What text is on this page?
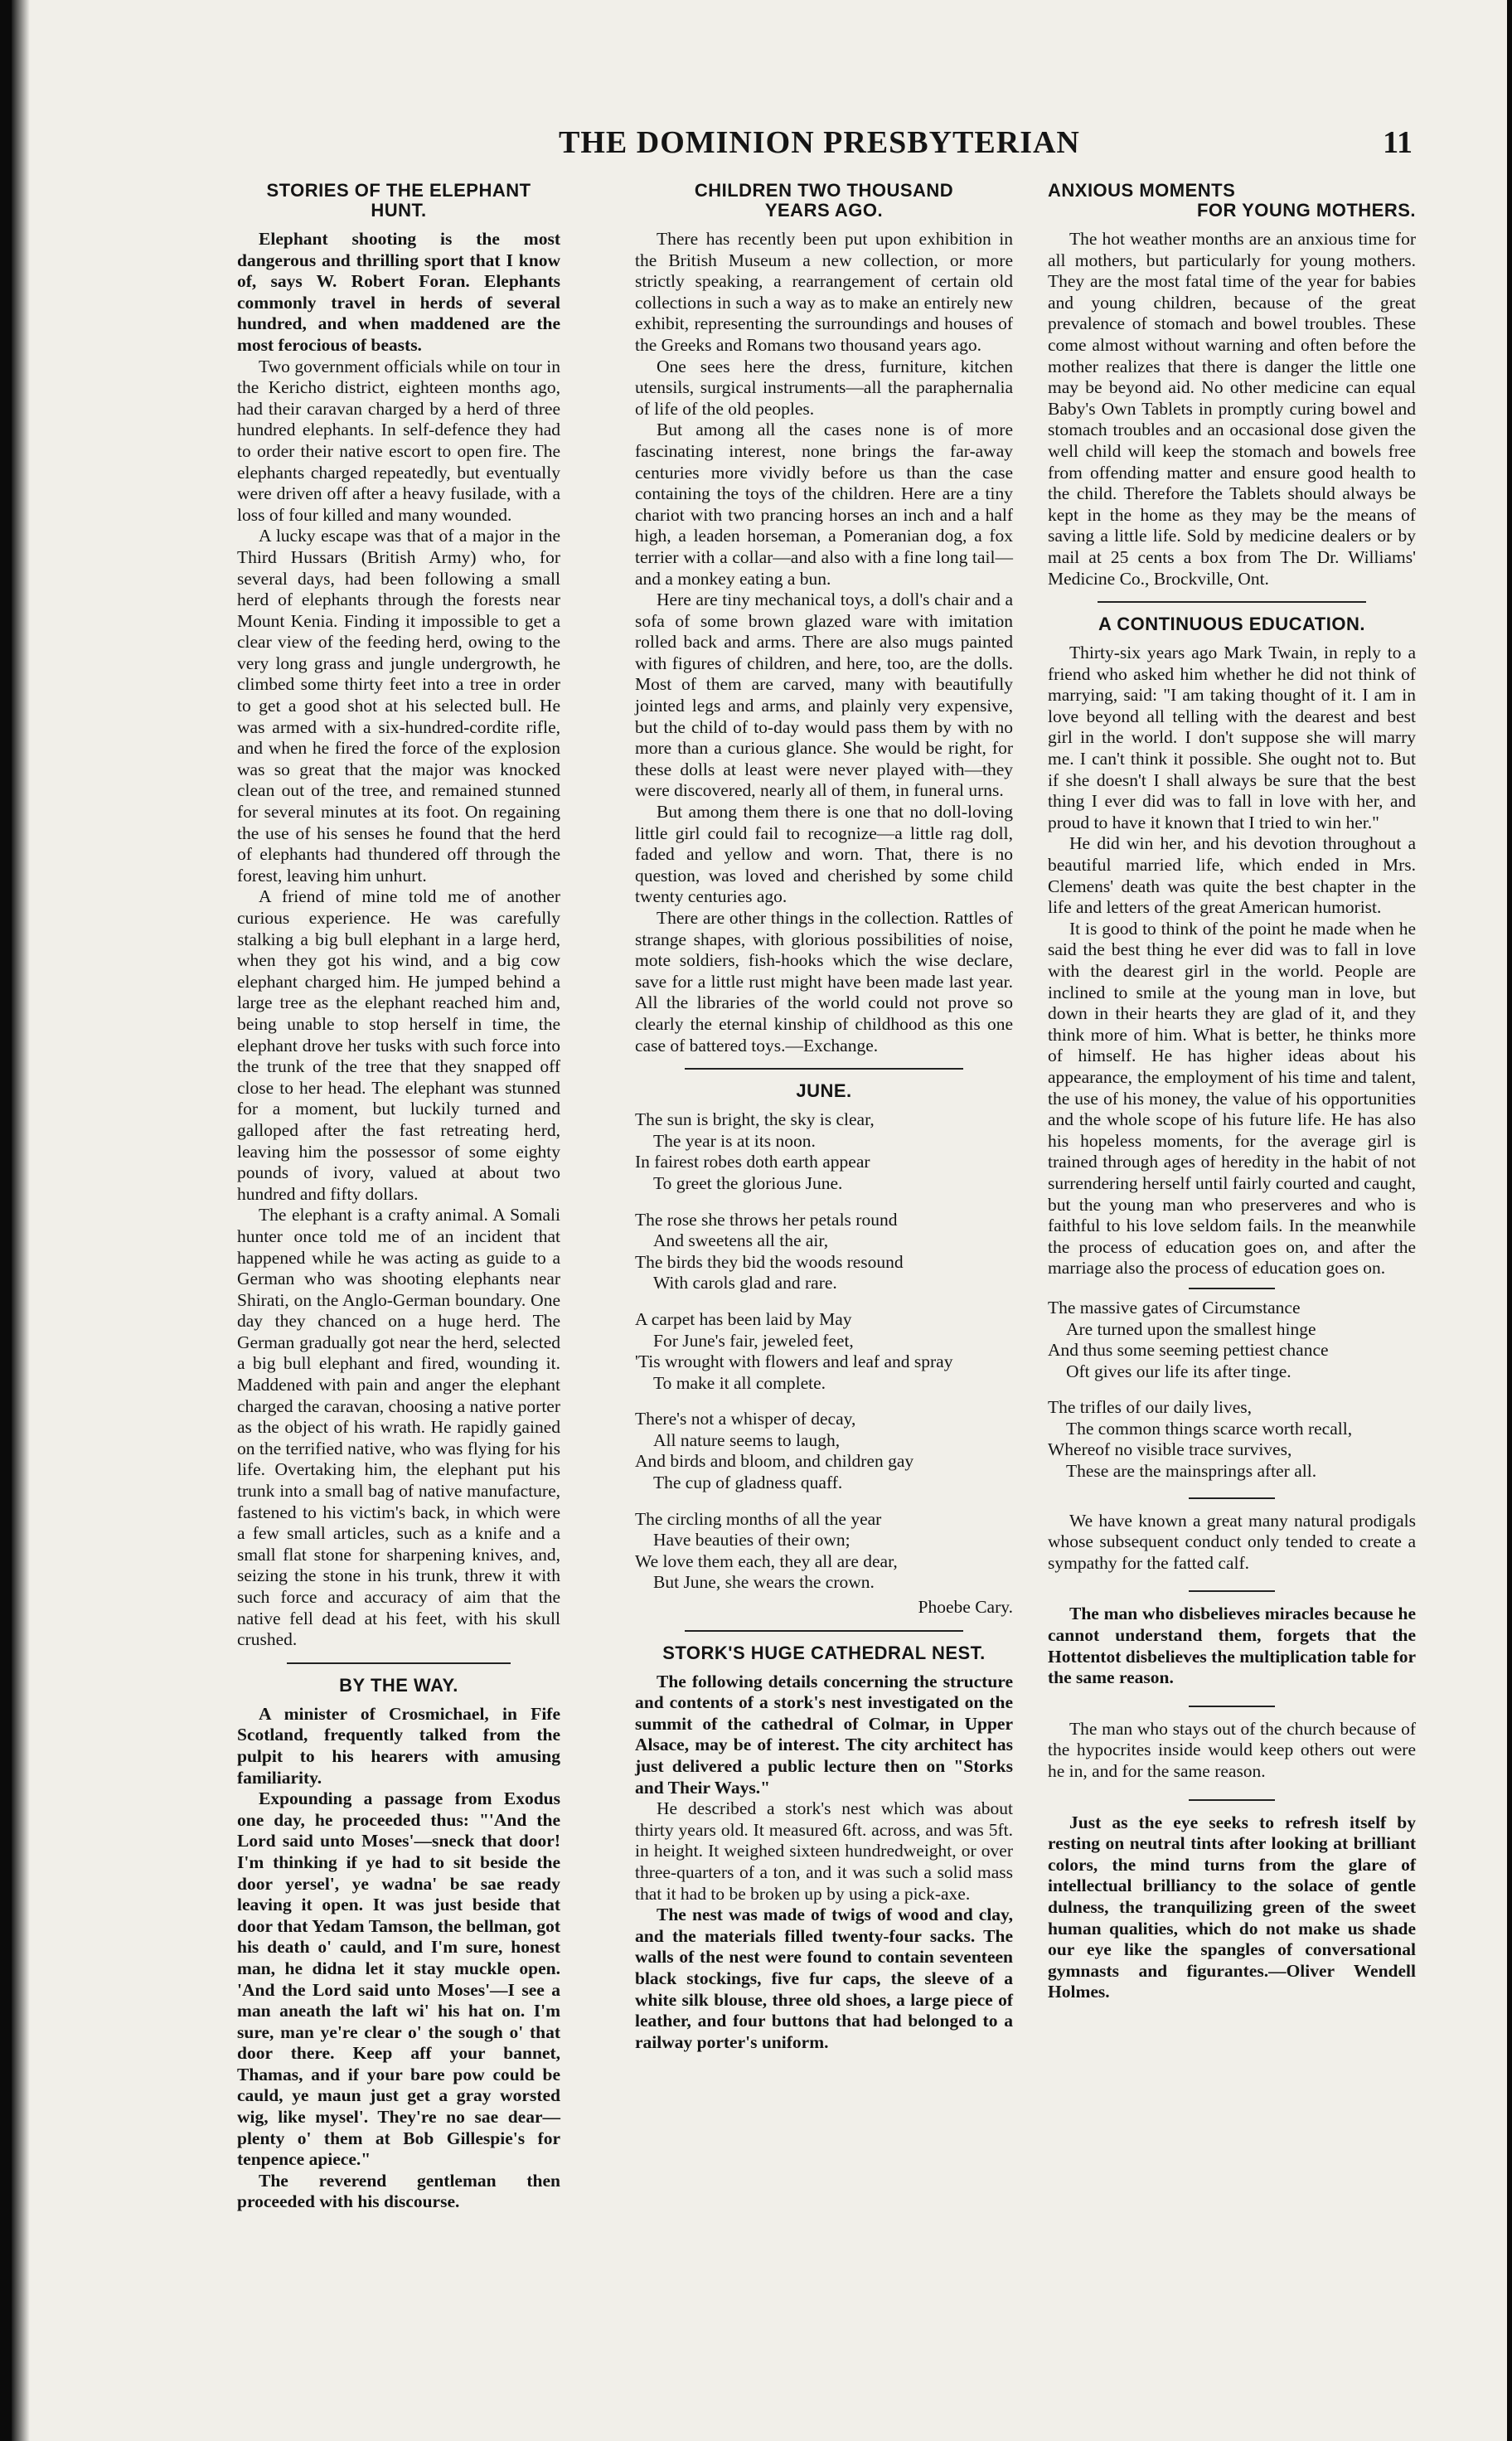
THE DOMINION PRESBYTERIAN	11
STORIES OF THE ELEPHANT
HUNT.

Elephant shooting is the most dangerous and thrilling sport that I know of, says W. Robert Foran. Elephants commonly travel in herds of several hundred, and when maddened are the most ferocious of beasts.

Two government officials while on tour in the Kericho district, eighteen months ago, had their caravan charged by a herd of three hundred elephants. In self-defence they had to order their native escort to open fire. The elephants charged repeatedly, but eventually were driven off after a heavy fusilade, with a loss of four killed and many wounded.

A lucky escape was that of a major in the Third Hussars (British Army) who, for several days, had been following a small herd of elephants through the forests near Mount Kenia. Finding it impossible to get a clear view of the feeding herd, owing to the very long grass and jungle undergrowth, he climbed some thirty feet into a tree in order to get a good shot at his selected bull. He was armed with a six-hundred-cordite rifle, and when he fired the force of the explosion was so great that the major was knocked clean out of the tree, and remained stunned for several minutes at its foot. On regaining the use of his senses he found that the herd of elephants had thundered off through the forest, leaving him unhurt.

A friend of mine told me of another curious experience. He was carefully stalking a big bull elephant in a large herd, when they got his wind, and a big cow elephant charged him. He jumped behind a large tree as the elephant reached him and, being unable to stop herself in time, the elephant drove her tusks with such force into the trunk of the tree that they snapped off close to her head. The elephant was stunned for a moment, but luckily turned and galloped after the fast retreating herd, leaving him the possessor of some eighty pounds of ivory, valued at about two hundred and fifty dollars.

The elephant is a crafty animal. A Somali hunter once told me of an incident that happened while he was acting as guide to a German who was shooting elephants near Shirati, on the Anglo-German boundary. One day they chanced on a huge herd. The German gradually got near the herd, selected a big bull elephant and fired, wounding it. Maddened with pain and anger the elephant charged the caravan, choosing a native porter as the object of his wrath. He rapidly gained on the terrified native, who was flying for his life. Overtaking him, the elephant put his trunk into a small bag of native manufacture, fastened to his victim's back, in which were a few small articles, such as a knife and a small flat stone for sharpening knives, and, seizing the stone in his trunk, threw it with such force and accuracy of aim that the native fell dead at his feet, with his skull crushed.

BY THE WAY.

A minister of Crosmichael, in Fife Scotland, frequently talked from the pulpit to his hearers with amusing familiarity.

Expounding a passage from Exodus one day, he proceeded thus: "'And the Lord said unto Moses'—sneck that door! I'm thinking if ye had to sit beside the door yersel', ye wadna' be sae ready leaving it open. It was just beside that door that Yedam Tamson, the bellman, got his death o' cauld, and I'm sure, honest man, he didna let it stay muckle open. 'And the Lord said unto Moses'—I see a man aneath the laft wi' his hat on. I'm sure, man ye're clear o' the sough o' that door there. Keep aff your bannet, Thamas, and if your bare pow could be cauld, ye maun just get a gray worsted wig, like mysel'. They're no sae dear—plenty o' them at Bob Gillespie's for tenpence apiece."

The reverend gentleman then proceeded with his discourse.

CHILDREN TWO THOUSAND
YEARS AGO.

There has recently been put upon exhibition in the British Museum a new collection, or more strictly speaking, a rearrangement of certain old collections in such a way as to make an entirely new exhibit, representing the surroundings and houses of the Greeks and Romans two thousand years ago.

One sees here the dress, furniture, kitchen utensils, surgical instruments—all the paraphernalia of life of the old peoples.

But among all the cases none is of more fascinating interest, none brings the far-away centuries more vividly before us than the case containing the toys of the children. Here are a tiny chariot with two prancing horses an inch and a half high, a leaden horseman, a Pomeranian dog, a fox terrier with a collar—and also with a fine long tail—and a monkey eating a bun.

Here are tiny mechanical toys, a doll's chair and a sofa of some brown glazed ware with imitation rolled back and arms. There are also mugs painted with figures of children, and here, too, are the dolls. Most of them are carved, many with beautifully jointed legs and arms, and plainly very expensive, but the child of to-day would pass them by with no more than a curious glance. She would be right, for these dolls at least were never played with—they were discovered, nearly all of them, in funeral urns.

But among them there is one that no doll-loving little girl could fail to recognize—a little rag doll, faded and yellow and worn. That, there is no question, was loved and cherished by some child twenty centuries ago.

There are other things in the collection. Rattles of strange shapes, with glorious possibilities of noise, mote soldiers, fish-hooks which the wise declare, save for a little rust might have been made last year. All the libraries of the world could not prove so clearly the eternal kinship of childhood as this one case of battered toys.—Exchange.

JUNE.
The sun is bright, the sky is clear,
The year is at its noon.
In fairest robes doth earth appear
To greet the glorious June.
The rose she throws her petals round
And sweetens all the air,
The birds they bid the woods resound
With carols glad and rare.
A carpet has been laid by May
For June's fair, jeweled feet,
'Tis wrought with flowers and leaf and spray
To make it all complete.
There's not a whisper of decay,
All nature seems to laugh,
And birds and bloom, and children gay
The cup of gladness quaff.
The circling months of all the year
Have beauties of their own;
We love them each, they all are dear,
But June, she wears the crown.

Phoebe Cary.

STORK'S HUGE CATHEDRAL NEST.

The following details concerning the structure and contents of a stork's nest investigated on the summit of the cathedral of Colmar, in Upper Alsace, may be of interest. The city architect has just delivered a public lecture then on "Storks and Their Ways."

He described a stork's nest which was about thirty years old. It measured 6ft. across, and was 5ft. in height. It weighed sixteen hundredweight, or over three-quarters of a ton, and it was such a solid mass that it had to be broken up by using a pick-axe.

The nest was made of twigs of wood and clay, and the materials filled twenty-four sacks. The walls of the nest were found to contain seventeen black stockings, five fur caps, the sleeve of a white silk blouse, three old shoes, a large piece of leather, and four buttons that had belonged to a railway porter's uniform.

ANXIOUS MOMENTS
FOR YOUNG MOTHERS.

The hot weather months are an anxious time for all mothers, but particularly for young mothers. They are the most fatal time of the year for babies and young children, because of the great prevalence of stomach and bowel troubles. These come almost without warning and often before the mother realizes that there is danger the little one may be beyond aid. No other medicine can equal Baby's Own Tablets in promptly curing bowel and stomach troubles and an occasional dose given the well child will keep the stomach and bowels free from offending matter and ensure good health to the child. Therefore the Tablets should always be kept in the home as they may be the means of saving a little life. Sold by medicine dealers or by mail at 25 cents a box from The Dr. Williams' Medicine Co., Brockville, Ont.

A CONTINUOUS EDUCATION.

Thirty-six years ago Mark Twain, in reply to a friend who asked him whether he did not think of marrying, said: "I am taking thought of it. I am in love beyond all telling with the dearest and best girl in the world. I don't suppose she will marry me. I can't think it possible. She ought not to. But if she doesn't I shall always be sure that the best thing I ever did was to fall in love with her, and proud to have it known that I tried to win her."

He did win her, and his devotion throughout a beautiful married life, which ended in Mrs. Clemens' death was quite the best chapter in the life and letters of the great American humorist.

It is good to think of the point he made when he said the best thing he ever did was to fall in love with the dearest girl in the world. People are inclined to smile at the young man in love, but down in their hearts they are glad of it, and they think more of him. What is better, he thinks more of himself. He has higher ideas about his appearance, the employment of his time and talent, the use of his money, the value of his opportunities and the whole scope of his future life. He has also his hopeless moments, for the average girl is trained through ages of heredity in the habit of not surrendering herself until fairly courted and caught, but the young man who preserveres and who is faithful to his love seldom fails. In the meanwhile the process of education goes on, and after the marriage also the process of education goes on.

The massive gates of Circumstance
Are turned upon the smallest hinge
And thus some seeming pettiest chance
Oft gives our life its after tinge.
The trifles of our daily lives,
The common things scarce worth recall,
Whereof no visible trace survives,
These are the mainsprings after all.

We have known a great many natural prodigals whose subsequent conduct only tended to create a sympathy for the fatted calf.

The man who disbelieves miracles because he cannot understand them, forgets that the Hottentot disbelieves the multiplication table for the same reason.

The man who stays out of the church because of the hypocrites inside would keep others out were he in, and for the same reason.

Just as the eye seeks to refresh itself by resting on neutral tints after looking at brilliant colors, the mind turns from the glare of intellectual brilliancy to the solace of gentle dulness, the tranquilizing green of the sweet human qualities, which do not make us shade our eye like the spangles of conversational gymnasts and figurantes.—Oliver Wendell Holmes.
